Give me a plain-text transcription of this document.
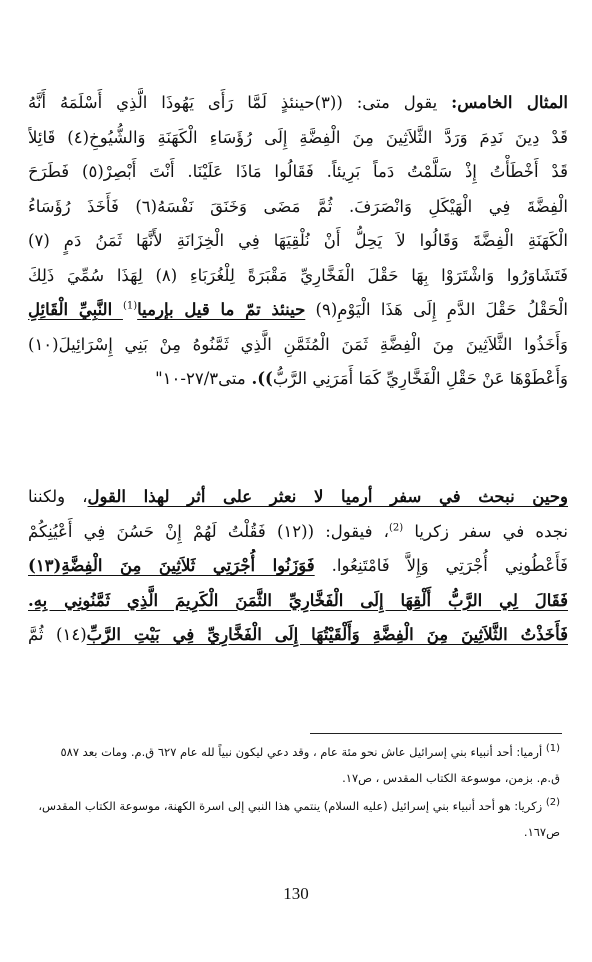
المثال الخامس: يقول متى: ((٣)حينئذٍ لَمَّا رَأَى يَهُوذَا الَّذِي أَسْلَمَهُ أَنَّهُ
قَدْ دِينَ نَدِمَ وَرَدَّ الثَّلاَثِينَ مِنَ الْفِضَّةِ إِلَى رُؤَسَاءِ الْكَهَنَةِ وَالشُّيُوخِ(٤) قَائِلاً
قَدْ أَخْطَأْتُ إِذْ سَلَّمْتُ دَماً بَرِيئاً. فَقَالُوا مَاذَا عَلَيْنَا. أَنْتَ أَبْصِرْ(٥) فَطَرَحَ
الْفِضَّةَ فِي الْهَيْكَلِ وَانْصَرَفَ. ثُمَّ مَضَى وَخَنَقَ نَفْسَهُ(٦) فَأَخَذَ رُؤَسَاءُ
الْكَهَنَةِ الْفِضَّةَ وَقَالُوا لاَ يَحِلُّ أَنْ نُلْقِيَهَا فِي الْخِزَانَةِ لأَنَّهَا ثَمَنُ دَمٍ (٧)
فَتَشَاوَرُوا وَاشْتَرَوْا بِهَا حَقْلَ الْفَخَّارِيِّ مَقْبَرَةً لِلْغُرَبَاءِ (٨) لِهَذَا سُمِّيَ ذَلِكَ
الْحَقْلُ حَقْلَ الدَّمِ إِلَى هَذَا الْيَوْمِ(٩) حينئذ تمّ ما قيل بإرميا$^{(1)}$ النَّبِيِّ الْقَائِلِ
وَأَخَذُوا الثَّلاَثِينَ مِنَ الْفِضَّةِ ثَمَنَ الْمُثَمَّنِ الَّذِي ثَمَّنُوهُ مِنْ بَنِي إِسْرَائِيلَ(١٠)
وَأَعْطَوْهَا عَنْ حَقْلِ الْفَخَّارِيِّ كَمَا أَمَرَنِي الرَّبُّ)). متى٢٧/٣-١٠"
وحين نبحث في سفر أرميا لا نعثر على أثر لهذا القول، ولكننا
نجده في سفر زكريا $^{(2)}$، فيقول: ((١٢) فَقُلْتُ لَهُمْ إِنْ حَسُنَ فِي أَعْيُنِكُمْ
فَأَعْطُونِي أُجْرَتِي وَإِلاَّ فَامْتَنِعُوا. فَوَزَنُوا أُجْرَتِي ثَلاَثِينَ مِنَ الْفِضَّةِ(١٣)
فَقَالَ لِي الرَّبُّ أَلْقِهَا إِلَى الْفَخَّارِيِّ الثَّمَنَ الْكَرِيمَ الَّذِي ثَمَّنُونِي بِهِ.
فَأَخَذْتُ الثَّلاَثِينَ مِنَ الْفِضَّةِ وَأَلْقَيْتُهَا إِلَى الْفَخَّارِيِّ فِي بَيْتِ الرَّبِّ(١٤) ثُمَّ
$^{(1)}$ أرميا: أحد أنبياء بني إسرائيل عاش نحو مئة عام ، وقد دعي ليكون نبياً لله عام ٦٢٧ ق.م. ومات بعد ٥٨٧
ق.م. بزمن، موسوعة الكتاب المقدس ، ص١٧.
$^{(2)}$ زكريا: هو أحد أنبياء بني إسرائيل (عليه السلام) ينتمي هذا النبي إلى اسرة الكهنة، موسوعة الكتاب المقدس،
ص١٦٧.
130
